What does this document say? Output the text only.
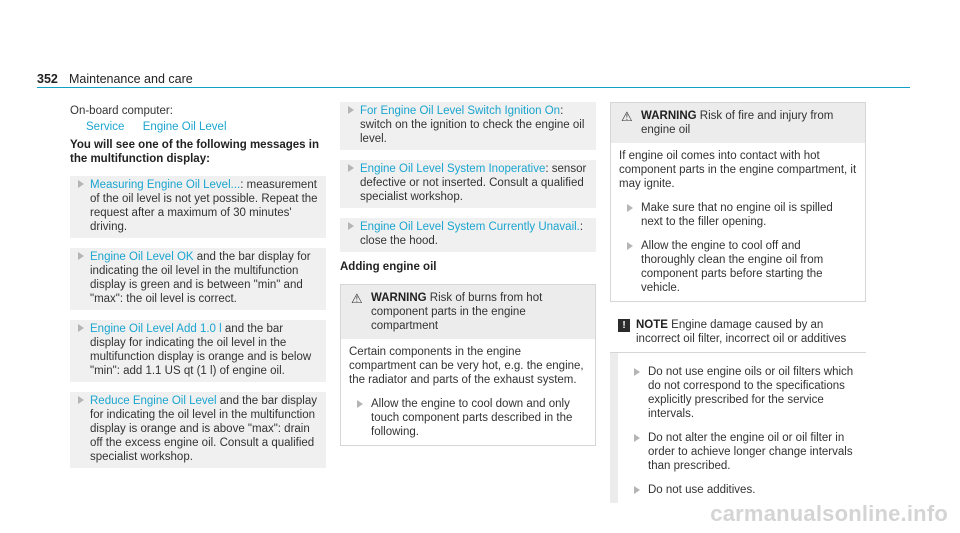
352 Maintenance and care

On-board computer:

Service Engine Oil Level

You will see one of the following messages in the multifunction display:

Measuring Engine Oil Level...: measurement of the oil level is not yet possible. Repeat the request after a maximum of 30 minutes' driving.
Engine Oil Level OK and the bar display for indicating the oil level in the multifunction display is green and is between "min" and "max": the oil level is correct.
Engine Oil Level Add 1.0 l and the bar display for indicating the oil level in the multifunction display is orange and is below "min": add 1.1 US qt (1 l) of engine oil.
Reduce Engine Oil Level and the bar display for indicating the oil level in the multifunction display is orange and is above "max": drain off the excess engine oil. Consult a qualified specialist workshop.
For Engine Oil Level Switch Ignition On: switch on the ignition to check the engine oil level.
Engine Oil Level System Inoperative: sensor defective or not inserted. Consult a qualified specialist workshop.
Engine Oil Level System Currently Unavail.: close the hood.

Adding engine oil

⚠ WARNING Risk of burns from hot component parts in the engine compartment
Certain components in the engine compartment can be very hot, e.g. the engine, the radiator and parts of the exhaust system.
Allow the engine to cool down and only touch component parts described in the following.
⚠ WARNING Risk of fire and injury from engine oil
If engine oil comes into contact with hot component parts in the engine compartment, it may ignite.
Make sure that no engine oil is spilled next to the filler opening.
Allow the engine to cool off and thoroughly clean the engine oil from component parts before starting the vehicle.
! NOTE Engine damage caused by an incorrect oil filter, incorrect oil or additives
Do not use engine oils or oil filters which do not correspond to the specifications explicitly prescribed for the service intervals.
Do not alter the engine oil or oil filter in order to achieve longer change intervals than prescribed.
Do not use additives.
carmanualsonline.info
